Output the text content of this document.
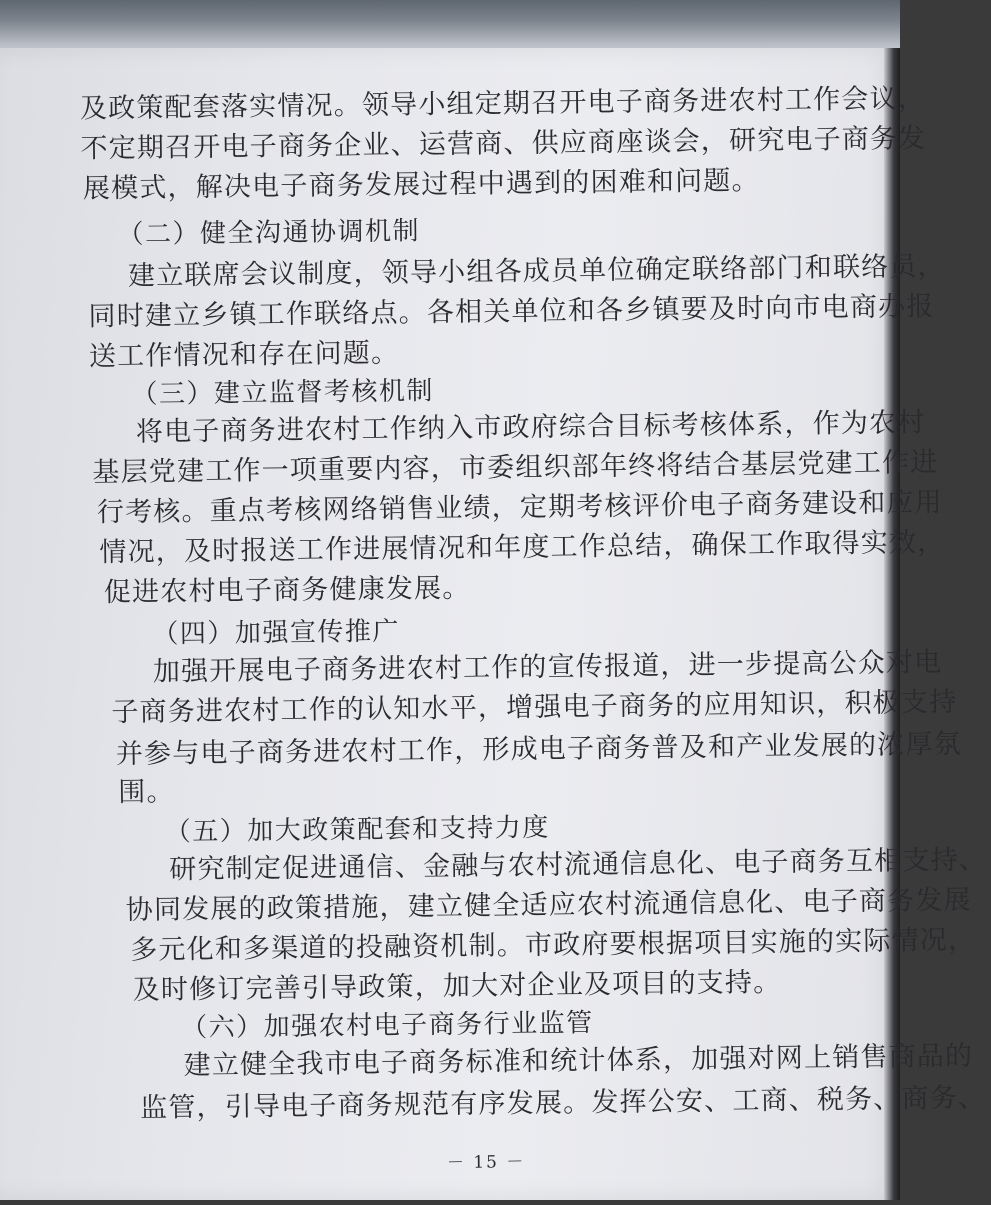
及政策配套落实情况。领导小组定期召开电子商务进农村工作会议，
不定期召开电子商务企业、运营商、供应商座谈会，研究电子商务发
展模式，解决电子商务发展过程中遇到的困难和问题。
（二）健全沟通协调机制
建立联席会议制度，领导小组各成员单位确定联络部门和联络员，
同时建立乡镇工作联络点。各相关单位和各乡镇要及时向市电商办报
送工作情况和存在问题。
（三）建立监督考核机制
将电子商务进农村工作纳入市政府综合目标考核体系，作为农村
基层党建工作一项重要内容，市委组织部年终将结合基层党建工作进
行考核。重点考核网络销售业绩，定期考核评价电子商务建设和应用
情况，及时报送工作进展情况和年度工作总结，确保工作取得实效，
促进农村电子商务健康发展。
（四）加强宣传推广
加强开展电子商务进农村工作的宣传报道，进一步提高公众对电
子商务进农村工作的认知水平，增强电子商务的应用知识，积极支持
并参与电子商务进农村工作，形成电子商务普及和产业发展的浓厚氛
围。
（五）加大政策配套和支持力度
研究制定促进通信、金融与农村流通信息化、电子商务互相支持、
协同发展的政策措施，建立健全适应农村流通信息化、电子商务发展
多元化和多渠道的投融资机制。市政府要根据项目实施的实际情况，
及时修订完善引导政策，加大对企业及项目的支持。
（六）加强农村电子商务行业监管
建立健全我市电子商务标准和统计体系，加强对网上销售商品的
监管，引导电子商务规范有序发展。发挥公安、工商、税务、商务、
－ 15 －
